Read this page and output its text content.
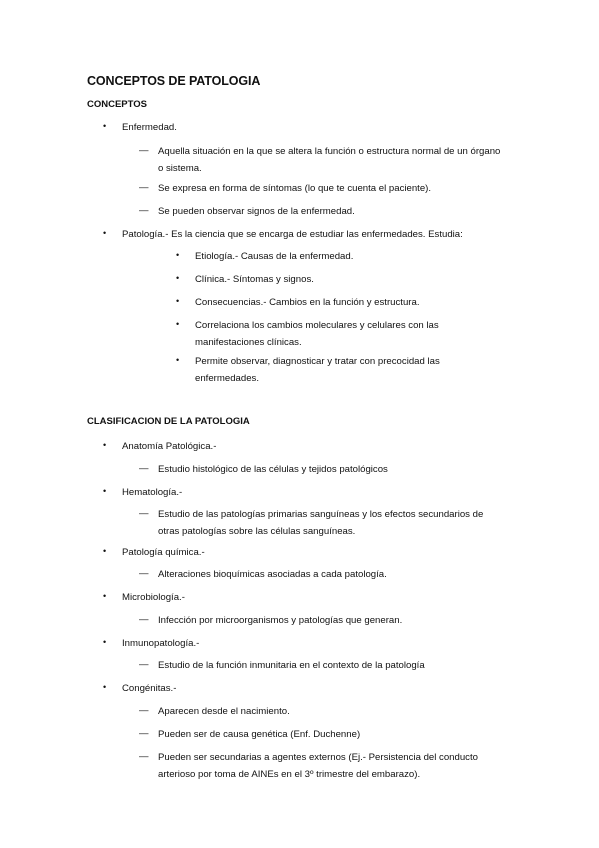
CONCEPTOS DE PATOLOGIA
CONCEPTOS
• Enfermedad.
— Aquella situación en la que se altera la función o estructura normal de un órgano o sistema.
— Se expresa en forma de síntomas (lo que te cuenta el paciente).
— Se pueden observar signos de la enfermedad.
• Patología.- Es la ciencia que se encarga de estudiar las enfermedades. Estudia:
• Etiología.- Causas de la enfermedad.
• Clínica.- Síntomas y signos.
• Consecuencias.- Cambios en la función y estructura.
• Correlaciona los cambios moleculares y celulares con las manifestaciones clínicas.
• Permite observar, diagnosticar y tratar con precocidad las enfermedades.
CLASIFICACION DE LA PATOLOGIA
• Anatomía Patológica.-
— Estudio histológico de las células y tejidos patológicos
• Hematología.-
— Estudio de las patologías primarias sanguíneas y los efectos secundarios de otras patologías sobre las células sanguíneas.
• Patología química.-
— Alteraciones bioquímicas asociadas a cada patología.
• Microbiología.-
— Infección por microorganismos y patologías que generan.
• Inmunopatología.-
— Estudio de la función inmunitaria en el contexto de la patología
• Congénitas.-
— Aparecen desde el nacimiento.
— Pueden ser de causa genética (Enf. Duchenne)
— Pueden ser secundarias a agentes externos (Ej.- Persistencia del conducto arterioso por toma de AINEs en el 3º trimestre del embarazo).
